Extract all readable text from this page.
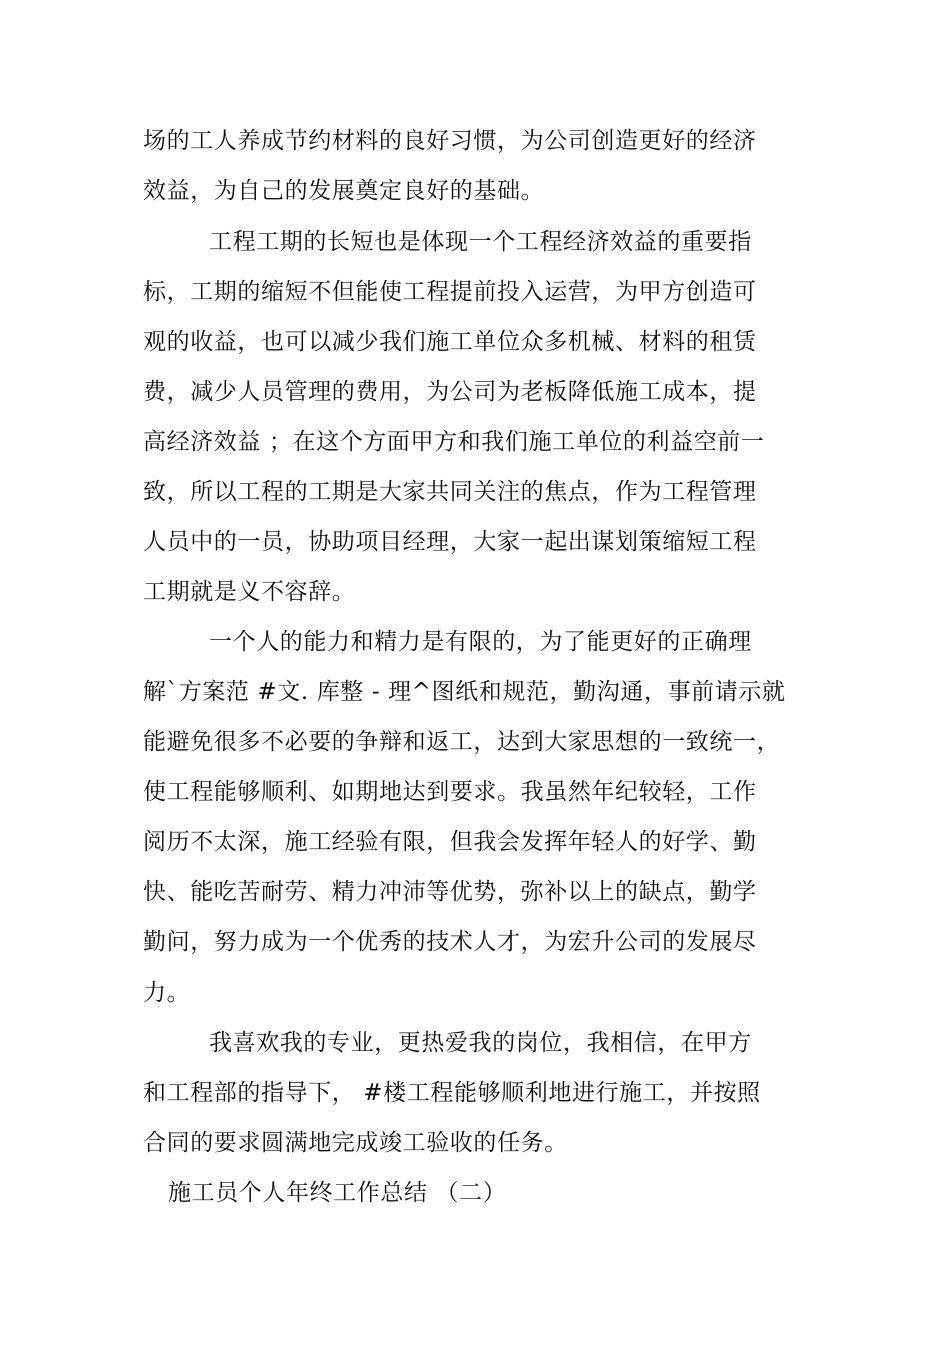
场的工人养成节约材料的良好习惯，为公司创造更好的经济
效益，为自己的发展奠定良好的基础。
工程工期的长短也是体现一个工程经济效益的重要指
标，工期的缩短不但能使工程提前投入运营，为甲方创造可
观的收益，也可以减少我们施工单位众多机械、材料的租赁
费，减少人员管理的费用，为公司为老板降低施工成本，提
高经济效益 ；在这个方面甲方和我们施工单位的利益空前一
致，所以工程的工期是大家共同关注的焦点，作为工程管理
人员中的一员，协助项目经理，大家一起出谋划策缩短工程
工期就是义不容辞。
一个人的能力和精力是有限的，为了能更好的正确理
解`方案范 #文. 库整 - 理^图纸和规范，勤沟通，事前请示就
能避免很多不必要的争辩和返工，达到大家思想的一致统一，
使工程能够顺利、如期地达到要求。我虽然年纪较轻，工作
阅历不太深，施工经验有限，但我会发挥年轻人的好学、勤
快、能吃苦耐劳、精力冲沛等优势，弥补以上的缺点，勤学
勤问，努力成为一个优秀的技术人才，为宏升公司的发展尽
力。
我喜欢我的专业，更热爱我的岗位，我相信，在甲方
和工程部的指导下， #楼工程能够顺利地进行施工，并按照
合同的要求圆满地完成竣工验收的任务。
施工员个人年终工作总结 （二）
